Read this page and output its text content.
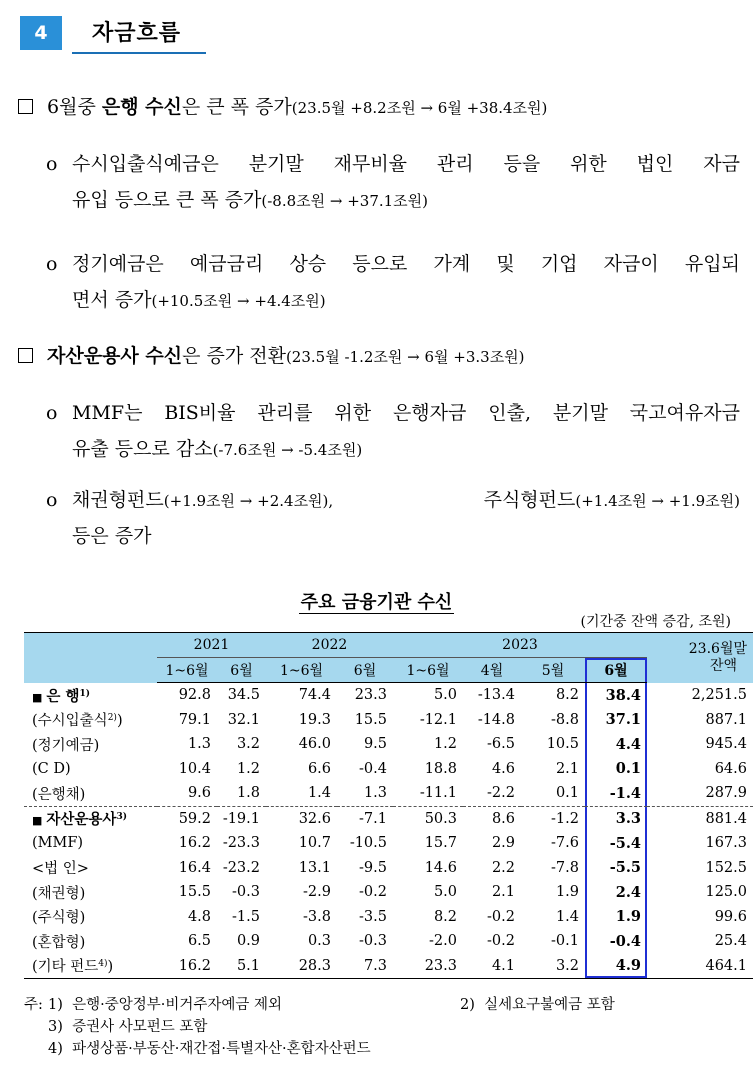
4	자금흐름
6월중 은행 수신은 큰 폭 증가(23.5월 +8.2조원 → 6월 +38.4조원)
o 수시입출식예금은 분기말 재무비율 관리 등을 위한 법인 자금
유입 등으로 큰 폭 증가(-8.8조원 → +37.1조원)
o 정기예금은 예금금리 상승 등으로 가계 및 기업 자금이 유입되
면서 증가(+10.5조원 → +4.4조원)
자산운용사 수신은 증가 전환(23.5월 -1.2조원 → 6월 +3.3조원)
o MMF는 BIS비율 관리를 위한 은행자금 인출, 분기말 국고여유자금
유출 등으로 감소(-7.6조원 → -5.4조원)
o 채권형펀드(+1.9조원 → +2.4조원),	주식형펀드(+1.4조원 → +1.9조원)
등은 증가
주요 금융기관 수신
(기간중 잔액 증감, 조원)
	2021		2022		2023				23.6월말
잔액
	1~6월	6월	1~6월	6월	1~6월	4월	5월	6월	
■ 은 행$^{1)}$	92.8	34.5	74.4	23.3	5.0	-13.4	8.2	38.4	2,251.5
(수시입출식$^{2)}$)	79.1	32.1	19.3	15.5	-12.1	-14.8	-8.8	37.1	887.1
(정기예금)	1.3	3.2	46.0	9.5	1.2	-6.5	10.5	4.4	945.4
(C D)	10.4	1.2	6.6	-0.4	18.8	4.6	2.1	0.1	64.6
(은행채)	9.6	1.8	1.4	1.3	-11.1	-2.2	0.1	-1.4	287.9
■ 자산운용사$^{3)}$	59.2	-19.1	32.6	-7.1	50.3	8.6	-1.2	3.3	881.4
(MMF)	16.2	-23.3	10.7	-10.5	15.7	2.9	-7.6	-5.4	167.3
<법 인>	16.4	-23.2	13.1	-9.5	14.6	2.2	-7.8	-5.5	152.5
(채권형)	15.5	-0.3	-2.9	-0.2	5.0	2.1	1.9	2.4	125.0
(주식형)	4.8	-1.5	-3.8	-3.5	8.2	-0.2	1.4	1.9	99.6
(혼합형)	6.5	0.9	0.3	-0.3	-2.0	-0.2	-0.1	-0.4	25.4
(기타 펀드$^{4)}$)	16.2	5.1	28.3	7.3	23.3	4.1	3.2	4.9	464.1
주: 1) 은행·중앙정부·비거주자예금 제외	2) 실세요구불예금 포함
3) 증권사 사모펀드 포함
4) 파생상품·부동산·재간접·특별자산·혼합자산펀드
